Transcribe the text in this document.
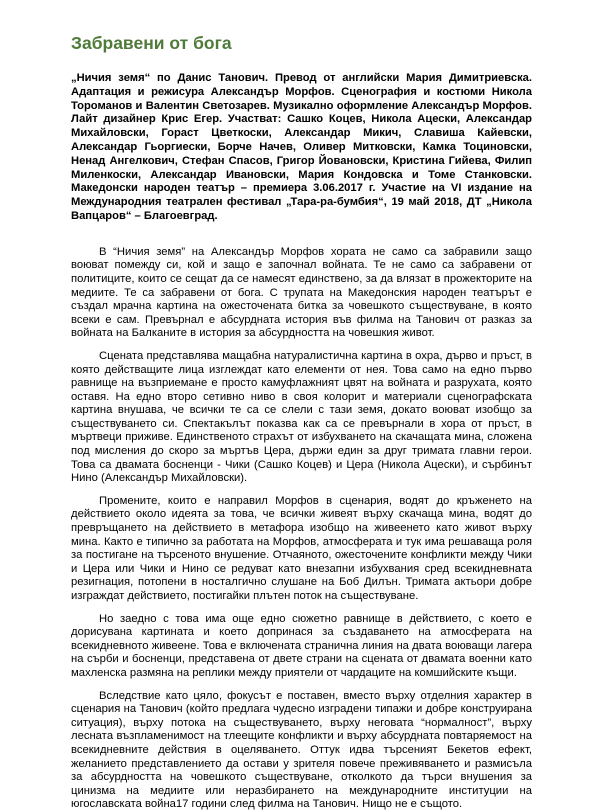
Забравени от бога

„Ничия земя“ по Данис Танович. Превод от английски Мария Димитриевска. Адаптация и режисура Александър Морфов. Сценография и костюми Никола Тороманов и Валентин Светозарев. Музикално оформление Александър Морфов. Лайт дизайнер Крис Егер. Участват: Сашко Коцев, Никола Ацески, Александар Михайловски, Гораст Цветкоски, Александар Микич, Славиша Кайевски, Александар Гьоргиески, Борче Начев, Оливер Митковски, Камка Тоциновски, Ненад Ангелкович, Стефан Спасов, Григор Йовановски, Кристина Гийева, Филип Миленкоски, Александар Ивановски, Мария Кондовска и Томе Станковски. Македонски народен театър – премиера 3.06.2017 г. Участие на VI издание на Международния театрален фестивал „Тара-ра-бумбия“, 19 май 2018, ДТ „Никола Вапцаров“ – Благоевград.

В “Ничия земя” на Александър Морфов хората не само са забравили защо воюват помежду си, кой и защо е започнал войната. Те не само са забравени от политиците, които се сещат да се намесят единствено, за да влязат в прожекторите на медиите. Те са забравени от бога. С трупата на Македонския народен театърът е създал мрачна картина на ожесточената битка за човешкото съществуване, в която всеки е сам. Превърнал е абсурдната история във филма на Танович от разказ за войната на Балканите в история за абсурдността на човешкия живот.

Сцената представлява мащабна натуралистична картина в охра, дърво и пръст, в която действащите лица изглеждат като елементи от нея. Това само на едно първо равнище на възприемане е просто камуфлажният цвят на войната и разрухата, която оставя. На едно второ сетивно ниво в своя колорит и материали сценографската картина внушава, че всички те са се слели с тази земя, докато воюват изобщо за съществуването си. Спектакълът показва как са се превърнали в хора от пръст, в мъртвеци приживе. Единственото страхът от избухването на скачащата мина, сложена под мисления до скоро за мъртъв Цера, държи един за друг тримата главни герои. Това са двамата босненци - Чики (Сашко Коцев) и Цера (Никола Ацески), и сърбинът Нино (Александър Михайловски).

Промените, които е направил Морфов в сценария, водят до кръженето на действието около идеята за това, че всички живеят върху скачаща мина, водят до превръщането на действието в метафора изобщо на живеенето като живот върху мина. Както е типично за работата на Морфов, атмосферата и тук има решаваща роля за постигане на търсеното внушение. Отчаяното, ожесточените конфликти между Чики и Цера или Чики и Нино се редуват като внезапни избухвания сред всекидневната резигнация, потопени в носталгично слушане на Боб Дилън. Тримата актьори добре изграждат действието, постигайки плътен поток на съществуване.

Но заедно с това има още едно сюжетно равнище в действието, с което е дорисувана картината и което допринася за създаването на атмосферата на всекидневното живеене. Това е включената странична линия на двата воюващи лагера на сърби и босненци, представена от двете страни на сцената от двамата военни като махленска размяна на реплики между приятели от чардаците на комшийските къщи.

Вследствие като цяло, фокусът е поставен, вместо върху отделния характер в сценария на Танович (който предлага чудесно изградени типажи и добре конструирана ситуация), върху потока на съществуването, върху неговата “нормалност”, върху леснатa възпламенимост на тлеещите конфликти и върху абсурдната повтаряемост на всекидневните действия в оцеляването. Оттук идва търсеният Бекетов ефект, желанието представлението да остави у зрителя повече преживяването и размисъла за абсурдността на човешкото съществуване, отколкото да търси внушения за цинизма на медиите или неразбирането на международните институции на югославската война17 години след филма на Танович. Нищо не е същото.
